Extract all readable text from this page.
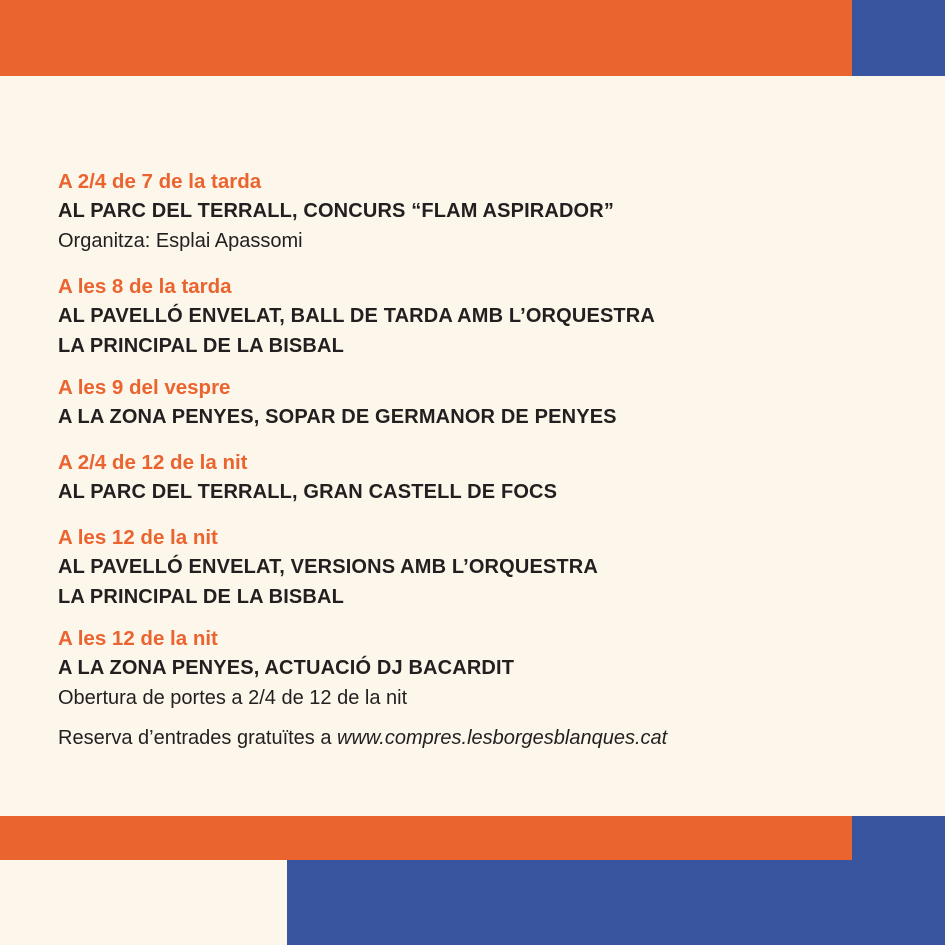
A 2/4 de 7 de la tarda
AL PARC DEL TERRALL, CONCURS “FLAM ASPIRADOR”
Organitza: Esplai Apassomi
A les 8 de la tarda
AL PAVELLÓ ENVELAT, BALL DE TARDA AMB L’ORQUESTRA
LA PRINCIPAL DE LA BISBAL
A les 9 del vespre
A LA ZONA PENYES, SOPAR DE GERMANOR DE PENYES
A 2/4 de 12 de la nit
AL PARC DEL TERRALL, GRAN CASTELL DE FOCS
A les 12 de la nit
AL PAVELLÓ ENVELAT, VERSIONS AMB L’ORQUESTRA
LA PRINCIPAL DE LA BISBAL
A les 12 de la nit
A LA ZONA PENYES, ACTUACIÓ DJ BACARDIT
Obertura de portes a 2/4 de 12 de la nit
Reserva d’entrades gratuïtes a www.compres.lesborgesblanques.cat
